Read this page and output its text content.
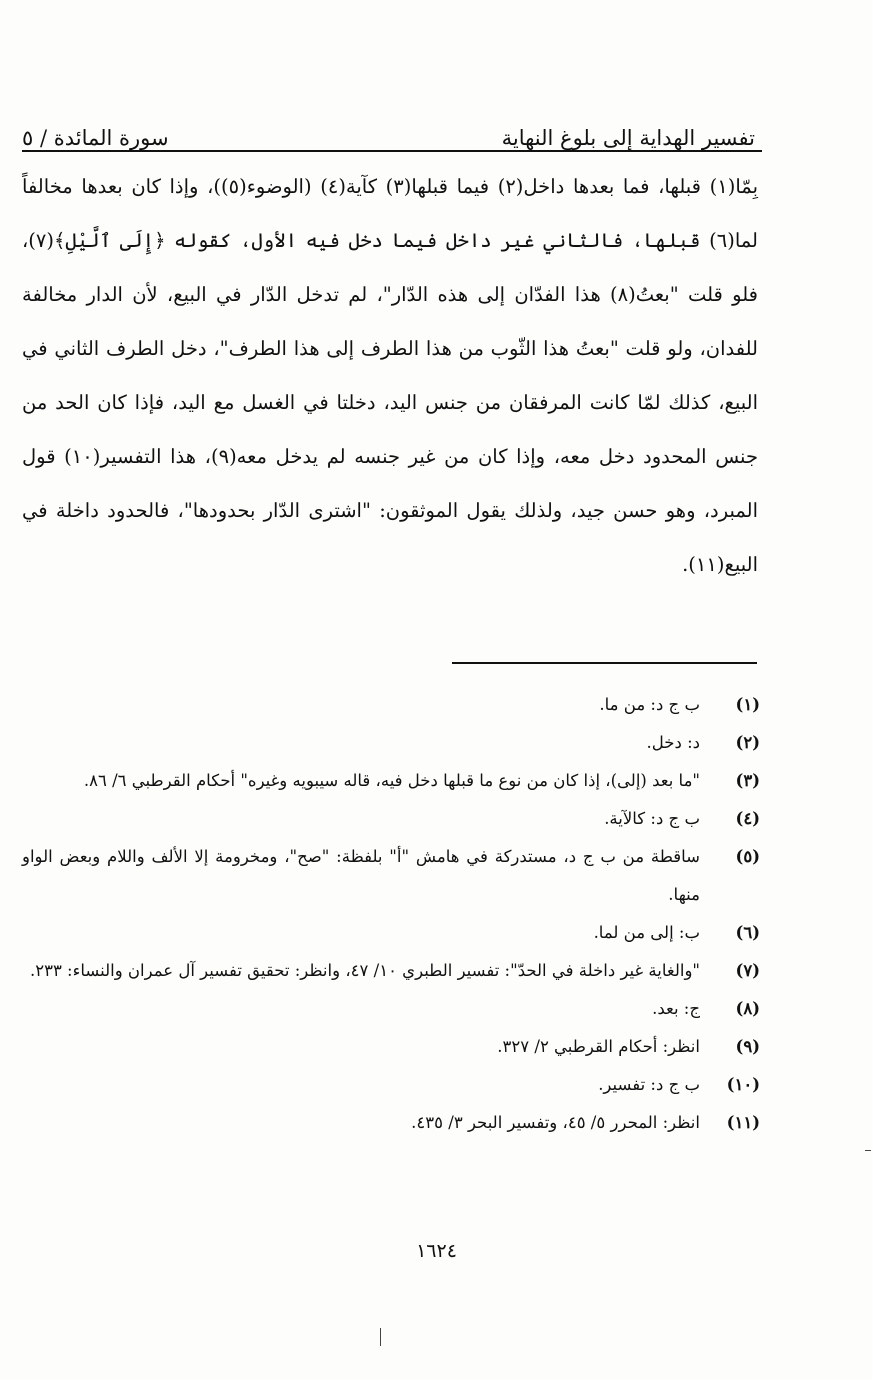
تفسير الهداية إلى بلوغ النهاية
سورة المائدة / ٥

بِمّا(١) قبلها، فما بعدها داخل(٢) فيما قبلها(٣) كآية(٤) (الوضوء(٥))، وإذا كان بعدها مخالفاً لما(٦) قبلها، فالثاني غير داخل فيما دخل فيه الأول، كقوله ﴿إِلَى ٱلَّيْلِ﴾(٧)، فلو قلت "بعتُ(٨) هذا الفدّان إلى هذه الدّار"، لم تدخل الدّار في البيع، لأن الدار مخالفة للفدان، ولو قلت "بعتُ هذا الثّوب من هذا الطرف إلى هذا الطرف"، دخل الطرف الثاني في البيع، كذلك لمّا كانت المرفقان من جنس اليد، دخلتا في الغسل مع اليد، فإذا كان الحد من جنس المحدود دخل معه، وإذا كان من غير جنسه لم يدخل معه(٩)، هذا التفسير(١٠) قول المبرد، وهو حسن جيد، ولذلك يقول الموثقون: "اشترى الدّار بحدودها"، فالحدود داخلة في البيع(١١).

(١)
ب ج د: من ما.
(٢)
د: دخل.
(٣)
"ما بعد (إلى)، إذا كان من نوع ما قبلها دخل فيه، قاله سيبويه وغيره" أحكام القرطبي ٦/ ٨٦.
(٤)
ب ج د: كالآية.
(٥)
ساقطة من ب ج د، مستدركة في هامش "أ" بلفظة: "صح"، ومخرومة إلا الألف واللام وبعض الواو منها.
(٦)
ب: إلى من لما.
(٧)
"والغاية غير داخلة في الحدّ": تفسير الطبري ١٠/ ٤٧، وانظر: تحقيق تفسير آل عمران والنساء: ٢٣٣.
(٨)
ج: بعد.
(٩)
انظر: أحكام القرطبي ٢/ ٣٢٧.
(١٠)
ب ج د: تفسير.
(١١)
انظر: المحرر ٥/ ٤٥، وتفسير البحر ٣/ ٤٣٥.
١٦٢٤
